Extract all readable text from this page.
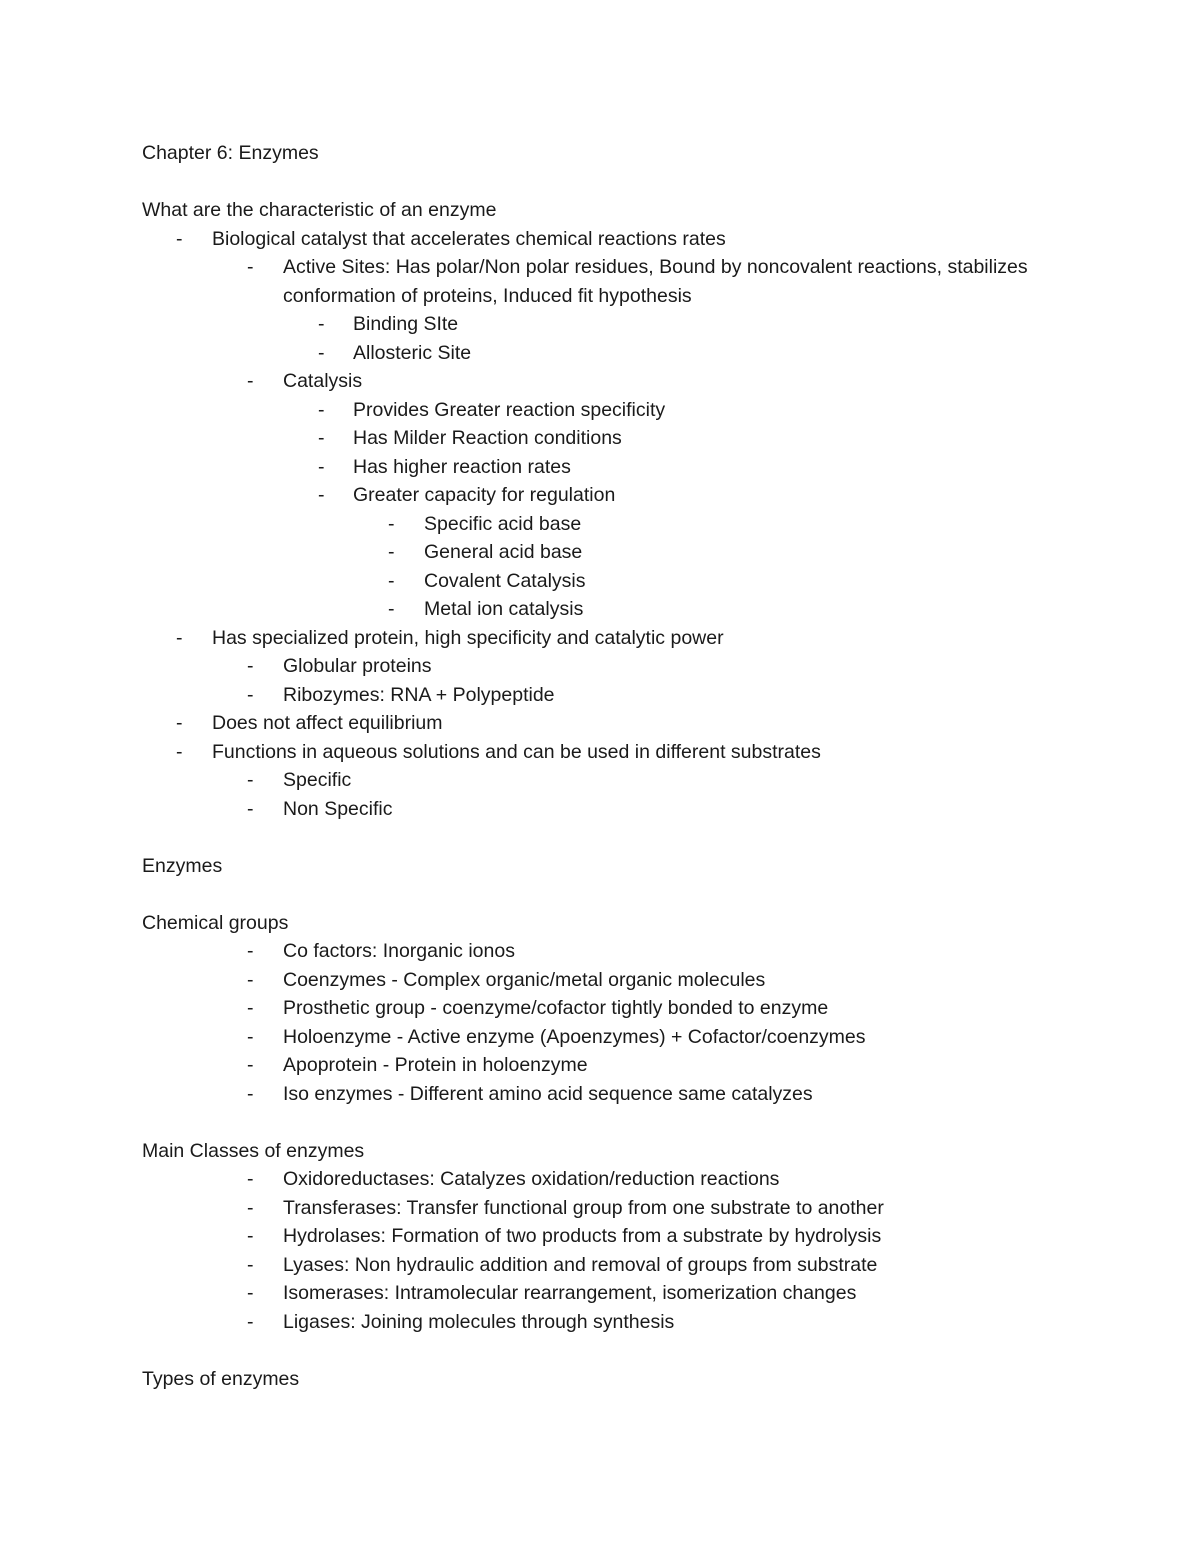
Chapter 6: Enzymes

What are the characteristic of an enzyme

- Biological catalyst that accelerates chemical reactions rates
- Active Sites: Has polar/Non polar residues, Bound by noncovalent reactions, stabilizes conformation of proteins, Induced fit hypothesis
- Binding SIte
- Allosteric Site
- Catalysis
- Provides Greater reaction specificity
- Has Milder Reaction conditions
- Has higher reaction rates
- Greater capacity for regulation
- Specific acid base
- General acid base
- Covalent Catalysis
- Metal ion catalysis
- Has specialized protein, high specificity and catalytic power
- Globular proteins
- Ribozymes: RNA + Polypeptide
- Does not affect equilibrium
- Functions in aqueous solutions and can be used in different substrates
- Specific
- Non Specific

Enzymes

Chemical groups

- Co factors: Inorganic ionos
- Coenzymes - Complex organic/metal organic molecules
- Prosthetic group - coenzyme/cofactor tightly bonded to enzyme
- Holoenzyme - Active enzyme (Apoenzymes) + Cofactor/coenzymes
- Apoprotein - Protein in holoenzyme
- Iso enzymes - Different amino acid sequence same catalyzes

Main Classes of enzymes

- Oxidoreductases: Catalyzes oxidation/reduction reactions
- Transferases: Transfer functional group from one substrate to another
- Hydrolases: Formation of two products from a substrate by hydrolysis
- Lyases: Non hydraulic addition and removal of groups from substrate
- Isomerases: Intramolecular rearrangement, isomerization changes
- Ligases: Joining molecules through synthesis

Types of enzymes
